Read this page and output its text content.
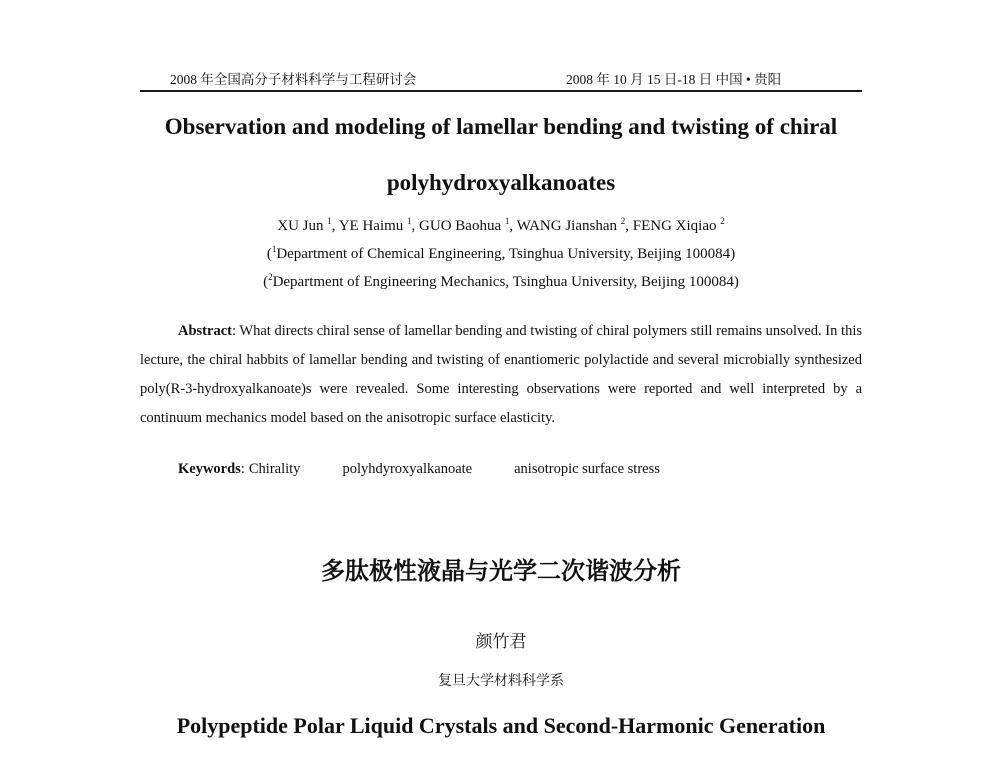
2008 年全国高分子材料科学与工程研讨会	2008 年 10 月 15 日-18 日 中国 • 贵阳
Observation and modeling of lamellar bending and twisting of chiral
polyhydroxyalkanoates
XU Jun $^1$, YE Haimu $^1$, GUO Baohua $^1$, WANG Jianshan $^2$, FENG Xiqiao $^2$
($^1$Department of Chemical Engineering, Tsinghua University, Beijing 100084)
($^2$Department of Engineering Mechanics, Tsinghua University, Beijing 100084)
Abstract: What directs chiral sense of lamellar bending and twisting of chiral polymers still remains unsolved. In this lecture, the chiral habbits of lamellar bending and twisting of enantiomeric polylactide and several microbially synthesized poly(R-3-hydroxyalkanoate)s were revealed. Some interesting observations were reported and well interpreted by a continuum mechanics model based on the anisotropic surface elasticity.
Keywords: Chirality	polyhdyroxyalkanoate	anisotropic surface stress
多肽极性液晶与光学二次谐波分析
颜竹君
复旦大学材料科学系
Polypeptide Polar Liquid Crystals and Second-Harmonic Generation
